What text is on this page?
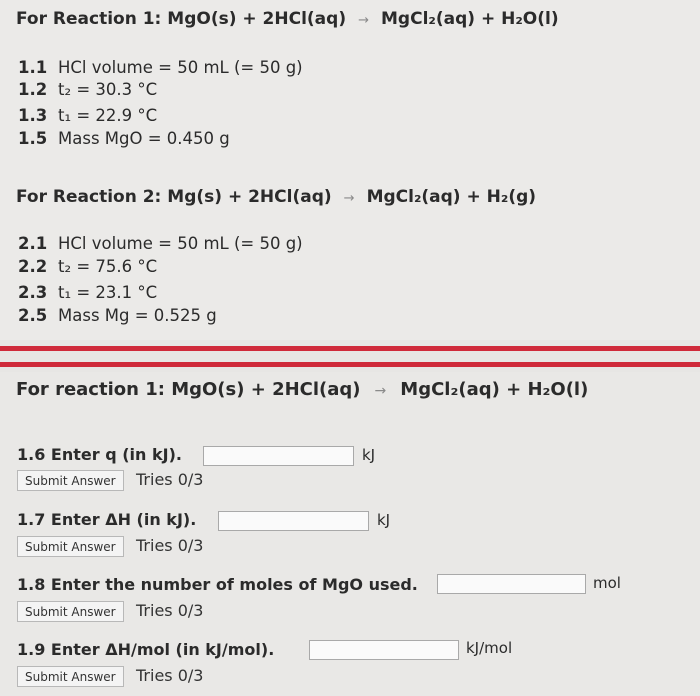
For Reaction 1: MgO(s) + 2HCl(aq) → MgCl₂(aq) + H₂O(l)
1.1 HCl volume = 50 mL (= 50 g)
1.2 t₂ = 30.3 °C
1.3 t₁ = 22.9 °C
1.5 Mass MgO = 0.450 g
For Reaction 2: Mg(s) + 2HCl(aq) → MgCl₂(aq) + H₂(g)
2.1 HCl volume = 50 mL (= 50 g)
2.2 t₂ = 75.6 °C
2.3 t₁ = 23.1 °C
2.5 Mass Mg = 0.525 g
For reaction 1: MgO(s) + 2HCl(aq) → MgCl₂(aq) + H₂O(l)
1.6 Enter q (in kJ).	kJ
Submit Answer	Tries 0/3
1.7 Enter ΔH (in kJ).	kJ
Submit Answer	Tries 0/3
1.8 Enter the number of moles of MgO used.	mol
Submit Answer	Tries 0/3
1.9 Enter ΔH/mol (in kJ/mol).	kJ/mol
Submit Answer	Tries 0/3
